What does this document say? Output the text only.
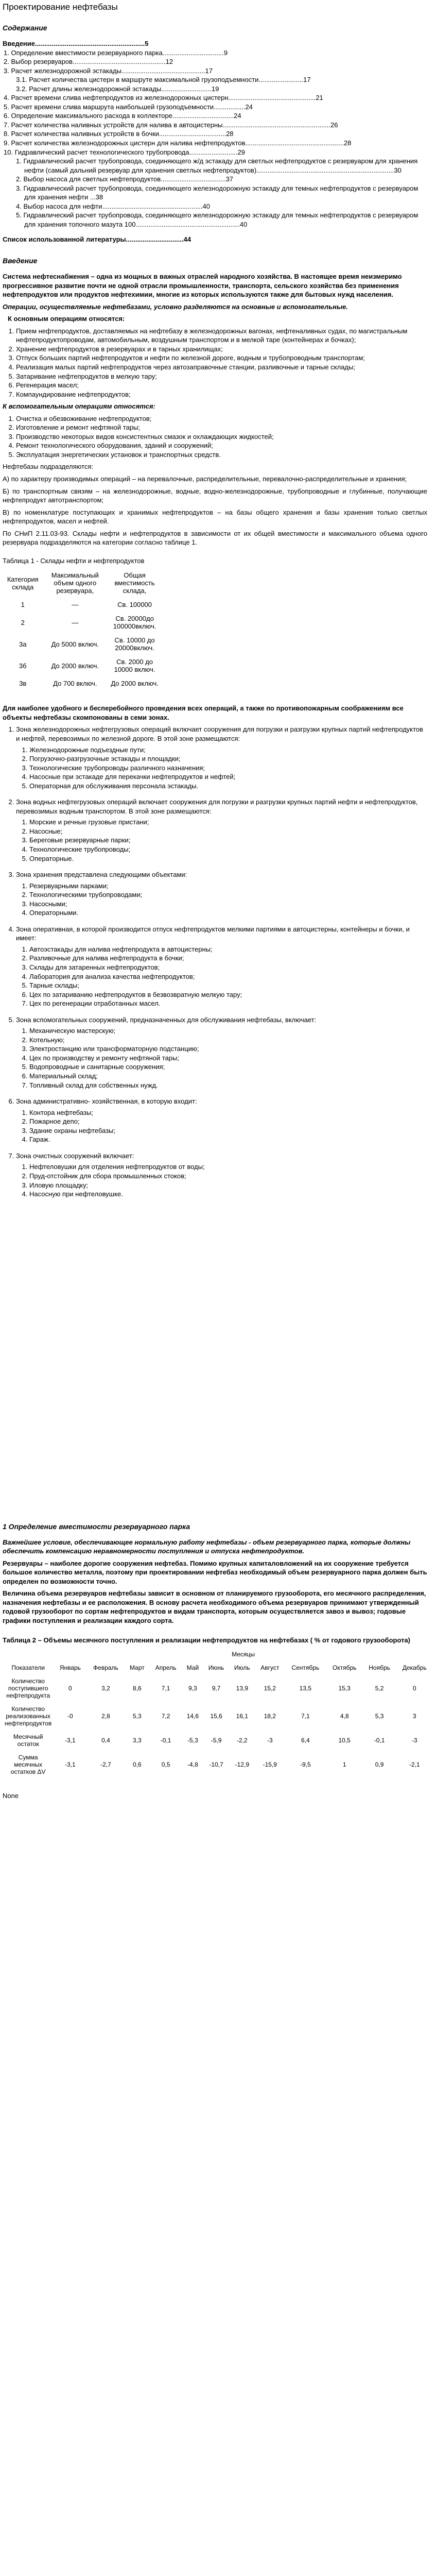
Проектирование нефтебазы
Содержание
Введение...........................................................5
1. Определение вместимости резервуарного парка.................................9
2. Выбор резервуаров..................................................12
3. Расчет железнодорожной эстакады.............................................17
3.1. Расчет количества цистерн в маршруте максимальной грузоподъемности........................17
3.2. Расчет длины железнодорожной эстакады...........................19
4. Расчет времени слива нефтепродуктов из железнодорожных цистерн...............................................21
5. Расчет времени слива маршрута наибольшей грузоподъемности.................24
6. Определение максимального расхода в коллекторе.................................24
7. Расчет количества наливных устройств для налива в автоцистерны..........................................................26
8. Расчет количества наливных устройств в бочки....................................28
9. Расчет количества железнодорожных цистерн для налива нефтепродуктов.....................................................28
10. Гидравлический расчет технологического трубопровода..........................29
1. Гидравлический расчет трубопровода, соединяющего ж/д эстакаду для светлых нефтепродуктов с резервуаром для хранения нефти (самый дальний резервуар для хранения светлых нефтепродуктов)..........................................................................30
2. Выбор насоса для светлых нефтепродуктов...................................37
3. Гидравлический расчет трубопровода, соединяющего железнодорожную эстакаду для темных нефтепродуктов с резервуаром для хранения нефти ...38
4. Выбор насоса для нефти......................................................40
5. Гидравлический расчет трубопровода, соединяющего железнодорожную эстакаду для темных нефтепродуктов с резервуаром для хранения топочного мазута 100........................................................40

Список использованной литературы...............................44

Введение

Система нефтеснабжения – одна из мощных в важных отраслей народного хозяйства. В настоящее время неизмеримо прогрессивное развитие почти не одной отрасли промышленности, транспорта, сельского хозяйства без применения нефтепродуктов или продуктов нефтехимии, многие из которых используются также для бытовых нужд населения.

Операции, осуществляемые нефтебазами, условно разделяются на основные и вспомогательные.

К основным операциям относятся:

1. Прием нефтепродуктов, доставляемых на нефтебазу в железнодорожных вагонах, нефтеналивных судах, по магистральным нефтепродуктопроводам, автомобильным, воздушным транспортом и в мелкой таре (контейнерах и бочках);
2. Хранение нефтепродуктов в резервуарах и в тарных хранилищах;
3. Отпуск больших партий нефтепродуктов и нефти по железной дороге, водным и трубопроводным транспортам;
4. Реализация малых партий нефтепродуктов через автозаправочные станции, разливочные и тарные склады;
5. Затаривание нефтепродуктов в мелкую тару;
6. Регенерация масел;
7. Компаундирование нефтепродуктов;

К вспомогательным операциям относятся:

1. Очистка и обезвоживание нефтепродуктов;
2. Изготовление и ремонт нефтяной тары;
3. Производство некоторых видов консистентных смазок и охлаждающих жидкостей;
4. Ремонт технологического оборудования, зданий и сооружений;
5. Эксплуатация энергетических установок и транспортных средств.

Нефтебазы подразделяются:

А) по характеру производимых операций – на перевалочные, распределительные, перевалочно-распределительные и хранения;

Б) по транспортным связям – на железнодорожные, водные, водно-железнодорожные, трубопроводные и глубинные, получающие нефтепродукт автотранспортом;

В) по номенклатуре поступающих и хранимых нефтепродуктов – на базы общего хранения и базы хранения только светлых нефтепродуктов, масел и нефтей.

По СНиП 2.11.03-93. Склады нефти и нефтепродуктов в зависимости от их общей вместимости и максимального объема одного резервуара подразделяются на категории согласно таблице 1.

Таблица 1 - Склады нефти и нефтепродуктов

Категория склада	Максимальный объем одного резервуара,	Общая вместимость склада,
1	—	Св. 100000
2	—	Св. 20000до 100000включ.
3а	До 5000 включ.	Св. 10000 до 20000включ.
3б	До 2000 включ.	Св. 2000 до 10000 включ.
3в	До 700 включ.	До 2000 включ.

Для наиболее удобного и бесперебойного проведения всех операций, а также по противопожарным соображениям все объекты нефтебазы скомпонованы в семи зонах.

1. Зона железнодорожных нефтегрузовых операций включает сооружения для погрузки и разгрузки крупных партий нефтепродуктов и нефтей, перевозимых по железной дороге. В этой зоне размещаются:
1. Железнодорожные подъездные пути;
2. Погрузочно-разгрузочные эстакады и площадки;
3. Технологические трубопроводы различного назначения;
4. Насосные при эстакаде для перекачки нефтепродуктов и нефтей;
5. Операторная для обслуживания персонала эстакады.
2. Зона водных нефтегрузовых операций включает сооружения для погрузки и разгрузки крупных партий нефти и нефтепродуктов, перевозимых водным транспортом. В этой зоне размещаются:
1. Морские и речные грузовые пристани;
2. Насосные;
3. Береговые резервуарные парки;
4. Технологические трубопроводы;
5. Операторные.
3. Зона хранения представлена следующими объектами:
1. Резервуарными парками;
2. Технологическими трубопроводами;
3. Насосными;
4. Операторными.
4. Зона оперативная, в которой производится отпуск нефтепродуктов мелкими партиями в автоцистерны, контейнеры и бочки, и имеет:
1. Автоэстакады для налива нефтепродукта в автоцистерны;
2. Разливочные для налива нефтепродукта в бочки;
3. Склады для затаренных нефтепродуктов;
4. Лаборатория для анализа качества нефтепродуктов;
5. Тарные склады;
6. Цех по затариванию нефтепродуктов в безвозвратную мелкую тару;
7. Цех по регенерации отработанных масел.
5. Зона вспомогательных сооружений, предназначенных для обслуживания нефтебазы, включает:
1. Механическую мастерскую;
2. Котельную;
3. Электростанцию или трансформаторную подстанцию;
4. Цех по производству и ремонту нефтяной тары;
5. Водопроводные и санитарные сооружения;
6. Материальный склад;
7. Топливный склад для собственных нужд.
6. Зона административно- хозяйственная, в которую входит:
1. Контора нефтебазы;
2. Пожарное депо;
3. Здание охраны нефтебазы;
4. Гараж.
7. Зона очистных сооружений включает:
1. Нефтеловушки для отделения нефтепродуктов от воды;
2. Пруд-отстойник для сбора промышленных стоков;
3. Иловую площадку;
4. Насосную при нефтеловушке.
1 Определение вместимости резервуарного парка

Важнейшее условие, обеспечивающее нормальную работу нефтебазы - объем резервуарного парка, которые должны обеспечить компенсацию неравномерности поступления и отпуска нефтепродуктов.

Резервуары – наиболее дорогие сооружения нефтебаз. Помимо крупных капиталовложений на их сооружение требуется большое количество металла, поэтому при проектировании нефтебаз необходимый объем резервуарного парка должен быть определен по возможности точно.

Величина объема резервуаров нефтебазы зависит в основном от планируемого грузооборота, его месячного распределения, назначения нефтебазы и ее расположения. В основу расчета необходимого объема резервуаров принимают утвержденный годовой грузооборот по сортам нефтепродуктов и видам транспорта, которым осуществляется завоз и вывоз; годовые графики поступления и реализации каждого сорта.

Таблица 2 – Объемы месячного поступления и реализации нефтепродуктов на нефтебазах ( % от годового грузооборота)

	Месяцы											
Показатели	Январь	Февраль	Март	Апрель	Май	Июнь	Июль	Август	Сентябрь	Октябрь	Ноябрь	Декабрь
Количество поступившего нефтепродукта	0	3,2	8,6	7,1	9,3	9,7	13,9	15,2	13,5	15,3	5,2	0
Количество реализованных нефтепродуктов	-0	2,8	5,3	7,2	14,6	15,6	16,1	18,2	7,1	4,8	5,3	3
Месячный остаток	-3,1	0,4	3,3	-0,1	-5,3	-5,9	-2,2	-3	6,4	10,5	-0,1	-3
Сумма месячных остатков ΔV	-3,1	-2,7	0,6	0,5	-4,8	-10,7	-12,9	-15,9	-9,5	1	0,9	-2,1
None
